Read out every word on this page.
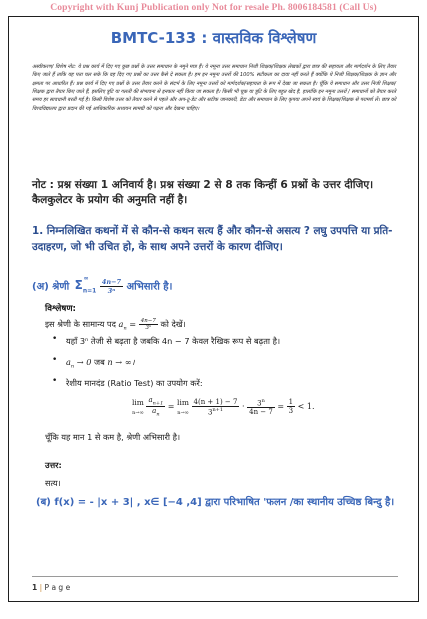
Copyright with Kunj Publication only Not for resale Ph. 8006184581 (Call Us)
BMTC-133 : वास्तविक विश्लेषण
अस्वीकरण/ विशेष नोट: ये प्रश्न कार्य में दिए गए कुछ प्रश्नों के उत्तर समाधान के नमूने मात्र हैं। ये नमूना उत्तर समाधान निजी शिक्षक/शिक्षक लेखकों द्वारा छात्र की सहायता और मार्गदर्शन के लिए तैयार किए जाते हैं ताकि यह पता चल सके कि वह दिए गए प्रश्नों का उत्तर कैसे दे सकता है। हम इन नमूना उत्तरों की 100% सटीकता का दावा नहीं करते हैं क्योंकि ये निजी शिक्षक/शिक्षक के ज्ञान और क्षमता पर आधारित हैं। प्रश्न कार्य में दिए गए प्रश्नों के उत्तर तैयार करने के संदर्भ के लिए नमूना उत्तरों को मार्गदर्शक/सहायता के रूप में देखा जा सकता है। चूँकि ये समाधान और उत्तर निजी शिक्षक/शिक्षक द्वारा तैयार किए जाते हैं, इसलिए त्रुटि या गलती की संभावना से इनकार नहीं किया जा सकता है। किसी भी चूक या त्रुटि के लिए बहुत खेद है, हालांकि इन नमूना उत्तरों / समाधानों को तैयार करते समय हर सावधानी बरती गई है। किसी विशेष उत्तर को तैयार करने से पहले और अप-टू-डेट और सटीक जानकारी, डेटा और समाधान के लिए कृपया अपने स्वयं के शिक्षक/शिक्षक से परामर्श लें। छात्र को विश्वविद्यालय द्वारा प्रदान की गई आधिकारिक अध्ययन सामग्री को पढ़ना और देखना चाहिए।
नोट : प्रश्न संख्या 1 अनिवार्य है। प्रश्न संख्या 2 से 8 तक किन्हीं 6 प्रश्नों के उत्तर दीजिए। कैलकुलेटर के प्रयोग की अनुमति नहीं है।
1. निम्नलिखित कथनों में से कौन-से कथन सत्य हैं और कौन-से असत्य ? लघु उपपत्ति या प्रति-उदाहरण, जो भी उचित हो, के साथ अपने उत्तरों के कारण दीजिए।
(अ) श्रेणी $\Sigma_{n=1}$
∞
$\frac{4n-7}{\text{3ⁿ}}$ अभिसारी है।
विश्लेषण:
इस श्रेणी के सामान्य पद $a_n = \frac{4n-7}{\text{3ⁿ}}$ को देखें।
• यहाँ 3ⁿ तेजी से बढ़ता है जबकि 4n − 7 केवल रैखिक रूप से बढ़ता है।
• $a_n \to 0$ जब n → ∞।
• रेशीय मानदंड (Ratio Test) का उपयोग करें:
lim
$n\to\infty \frac{a_{n+1}}{a_n} = \lim$
$n\to\infty \frac{4(n + 1) - 7}{3^{n+1}} \cdot \frac{3^n}{4n - 7} = \frac{1}{3} < 1$.
चूँकि यह मान 1 से कम है, श्रेणी अभिसारी है।
उत्तर:
सत्य।
(ब) f(x) = - |x + 3| , x∈ [−4 ,4] द्वारा परिभाषित 'फलन /का स्थानीय उच्चिष्ठ बिन्दु है।
1 | P a g e
